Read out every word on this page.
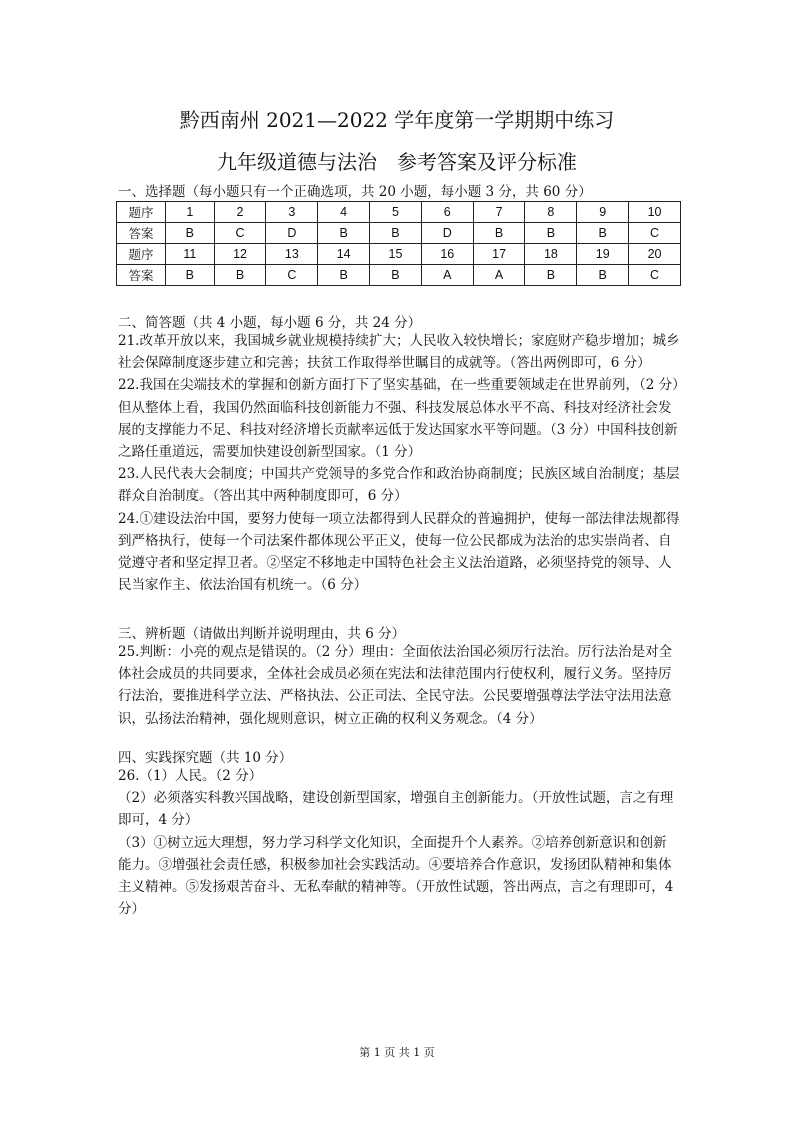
黔西南州 2021—2022 学年度第一学期期中练习
九年级道德与法治　参考答案及评分标准
一、选择题（每小题只有一个正确选项，共 20 小题，每小题 3 分，共 60 分）
题序	1	2	3	4	5	6	7	8	9	10
答案	B	C	D	B	B	D	B	B	B	C
题序	11	12	13	14	15	16	17	18	19	20
答案	B	B	C	B	B	A	A	B	B	C
二、简答题（共 4 小题，每小题 6 分，共 24 分）

21.改革开放以来，我国城乡就业规模持续扩大；人民收入较快增长；家庭财产稳步增加；城乡社会保障制度逐步建立和完善；扶贫工作取得举世瞩目的成就等。（答出两例即可，6 分）

22.我国在尖端技术的掌握和创新方面打下了坚实基础，在一些重要领域走在世界前列，（2 分）但从整体上看，我国仍然面临科技创新能力不强、科技发展总体水平不高、科技对经济社会发展的支撑能力不足、科技对经济增长贡献率远低于发达国家水平等问题。（3 分）中国科技创新之路任重道远，需要加快建设创新型国家。（1 分）

23.人民代表大会制度；中国共产党领导的多党合作和政治协商制度；民族区域自治制度；基层群众自治制度。（答出其中两种制度即可，6 分）

24.①建设法治中国，要努力使每一项立法都得到人民群众的普遍拥护，使每一部法律法规都得到严格执行，使每一个司法案件都体现公平正义，使每一位公民都成为法治的忠实崇尚者、自觉遵守者和坚定捍卫者。②坚定不移地走中国特色社会主义法治道路，必须坚持党的领导、人民当家作主、依法治国有机统一。（6 分）

三、辨析题（请做出判断并说明理由，共 6 分）

25.判断：小亮的观点是错误的。（2 分）理由：全面依法治国必须厉行法治。厉行法治是对全体社会成员的共同要求，全体社会成员必须在宪法和法律范围内行使权利，履行义务。坚持厉行法治，要推进科学立法、严格执法、公正司法、全民守法。公民要增强尊法学法守法用法意识，弘扬法治精神，强化规则意识，树立正确的权利义务观念。（4 分）

四、实践探究题（共 10 分）

26.（1）人民。（2 分）

（2）必须落实科教兴国战略，建设创新型国家，增强自主创新能力。（开放性试题，言之有理即可，4 分）

（3）①树立远大理想，努力学习科学文化知识，全面提升个人素养。②培养创新意识和创新能力。③增强社会责任感，积极参加社会实践活动。④要培养合作意识，发扬团队精神和集体主义精神。⑤发扬艰苦奋斗、无私奉献的精神等。（开放性试题，答出两点，言之有理即可，4 分）

第 1 页 共 1 页
